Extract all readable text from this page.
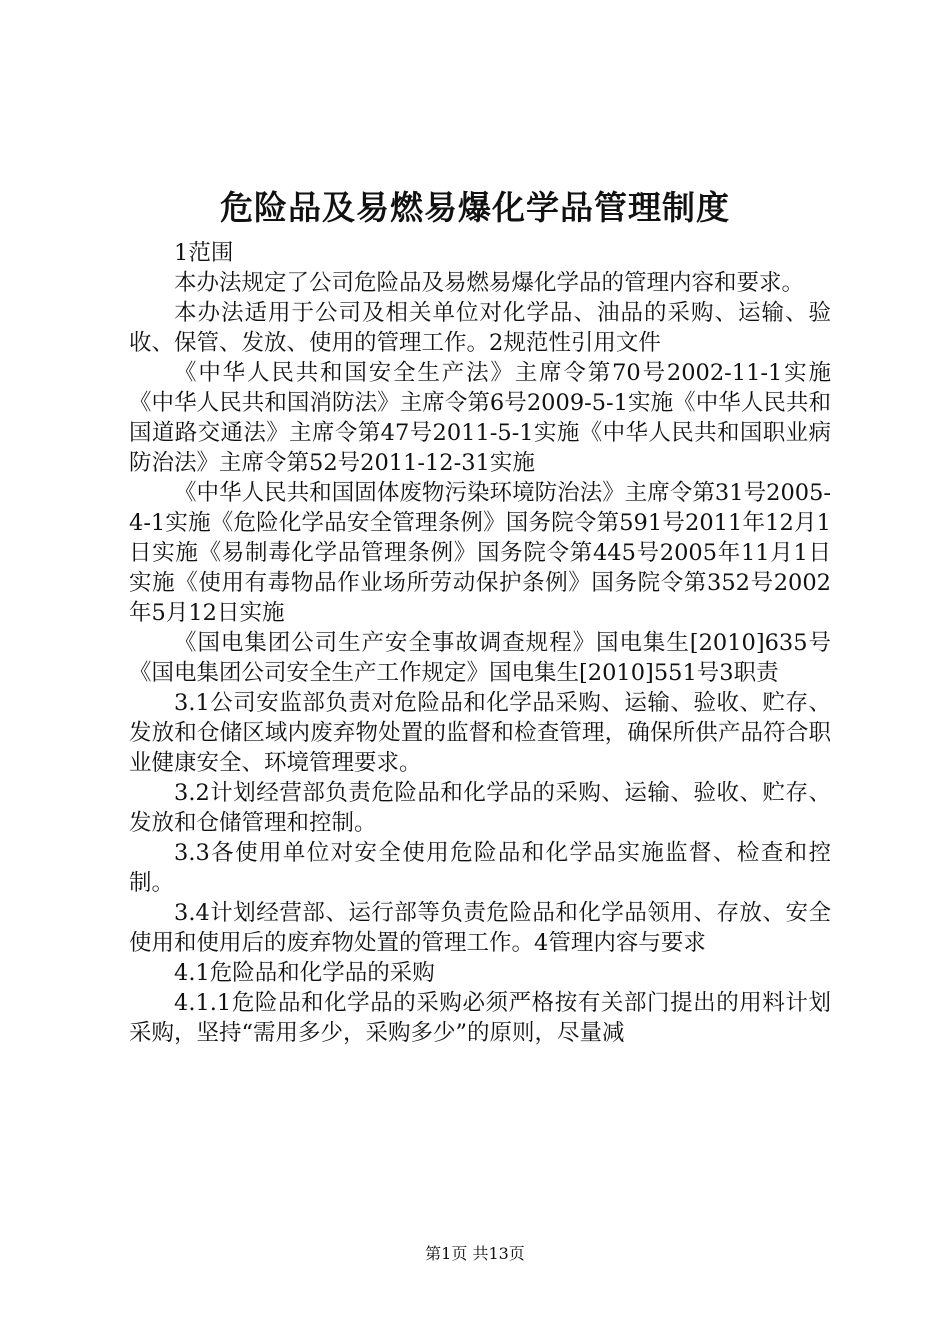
危险品及易燃易爆化学品管理制度

1范围

本办法规定了公司危险品及易燃易爆化学品的管理内容和要求。

本办法适用于公司及相关单位对化学品、油品的采购、运输、验收、保管、发放、使用的管理工作。2规范性引用文件

《中华人民共和国安全生产法》主席令第70号2002-11-1实施《中华人民共和国消防法》主席令第6号2009-5-1实施《中华人民共和国道路交通法》主席令第47号2011-5-1实施《中华人民共和国职业病防治法》主席令第52号2011-12-31实施

《中华人民共和国固体废物污染环境防治法》主席令第31号2005-4-1实施《危险化学品安全管理条例》国务院令第591号2011年12月1日实施《易制毒化学品管理条例》国务院令第445号2005年11月1日实施《使用有毒物品作业场所劳动保护条例》国务院令第352号2002年5月12日实施

《国电集团公司生产安全事故调查规程》国电集生[2010]635号《国电集团公司安全生产工作规定》国电集生[2010]551号3职责

3.1公司安监部负责对危险品和化学品采购、运输、验收、贮存、发放和仓储区域内废弃物处置的监督和检查管理，确保所供产品符合职业健康安全、环境管理要求。

3.2计划经营部负责危险品和化学品的采购、运输、验收、贮存、发放和仓储管理和控制。

3.3各使用单位对安全使用危险品和化学品实施监督、检查和控制。

3.4计划经营部、运行部等负责危险品和化学品领用、存放、安全使用和使用后的废弃物处置的管理工作。4管理内容与要求

4.1危险品和化学品的采购

4.1.1危险品和化学品的采购必须严格按有关部门提出的用料计划采购，坚持“需用多少，采购多少”的原则，尽量减

第1页 共13页
